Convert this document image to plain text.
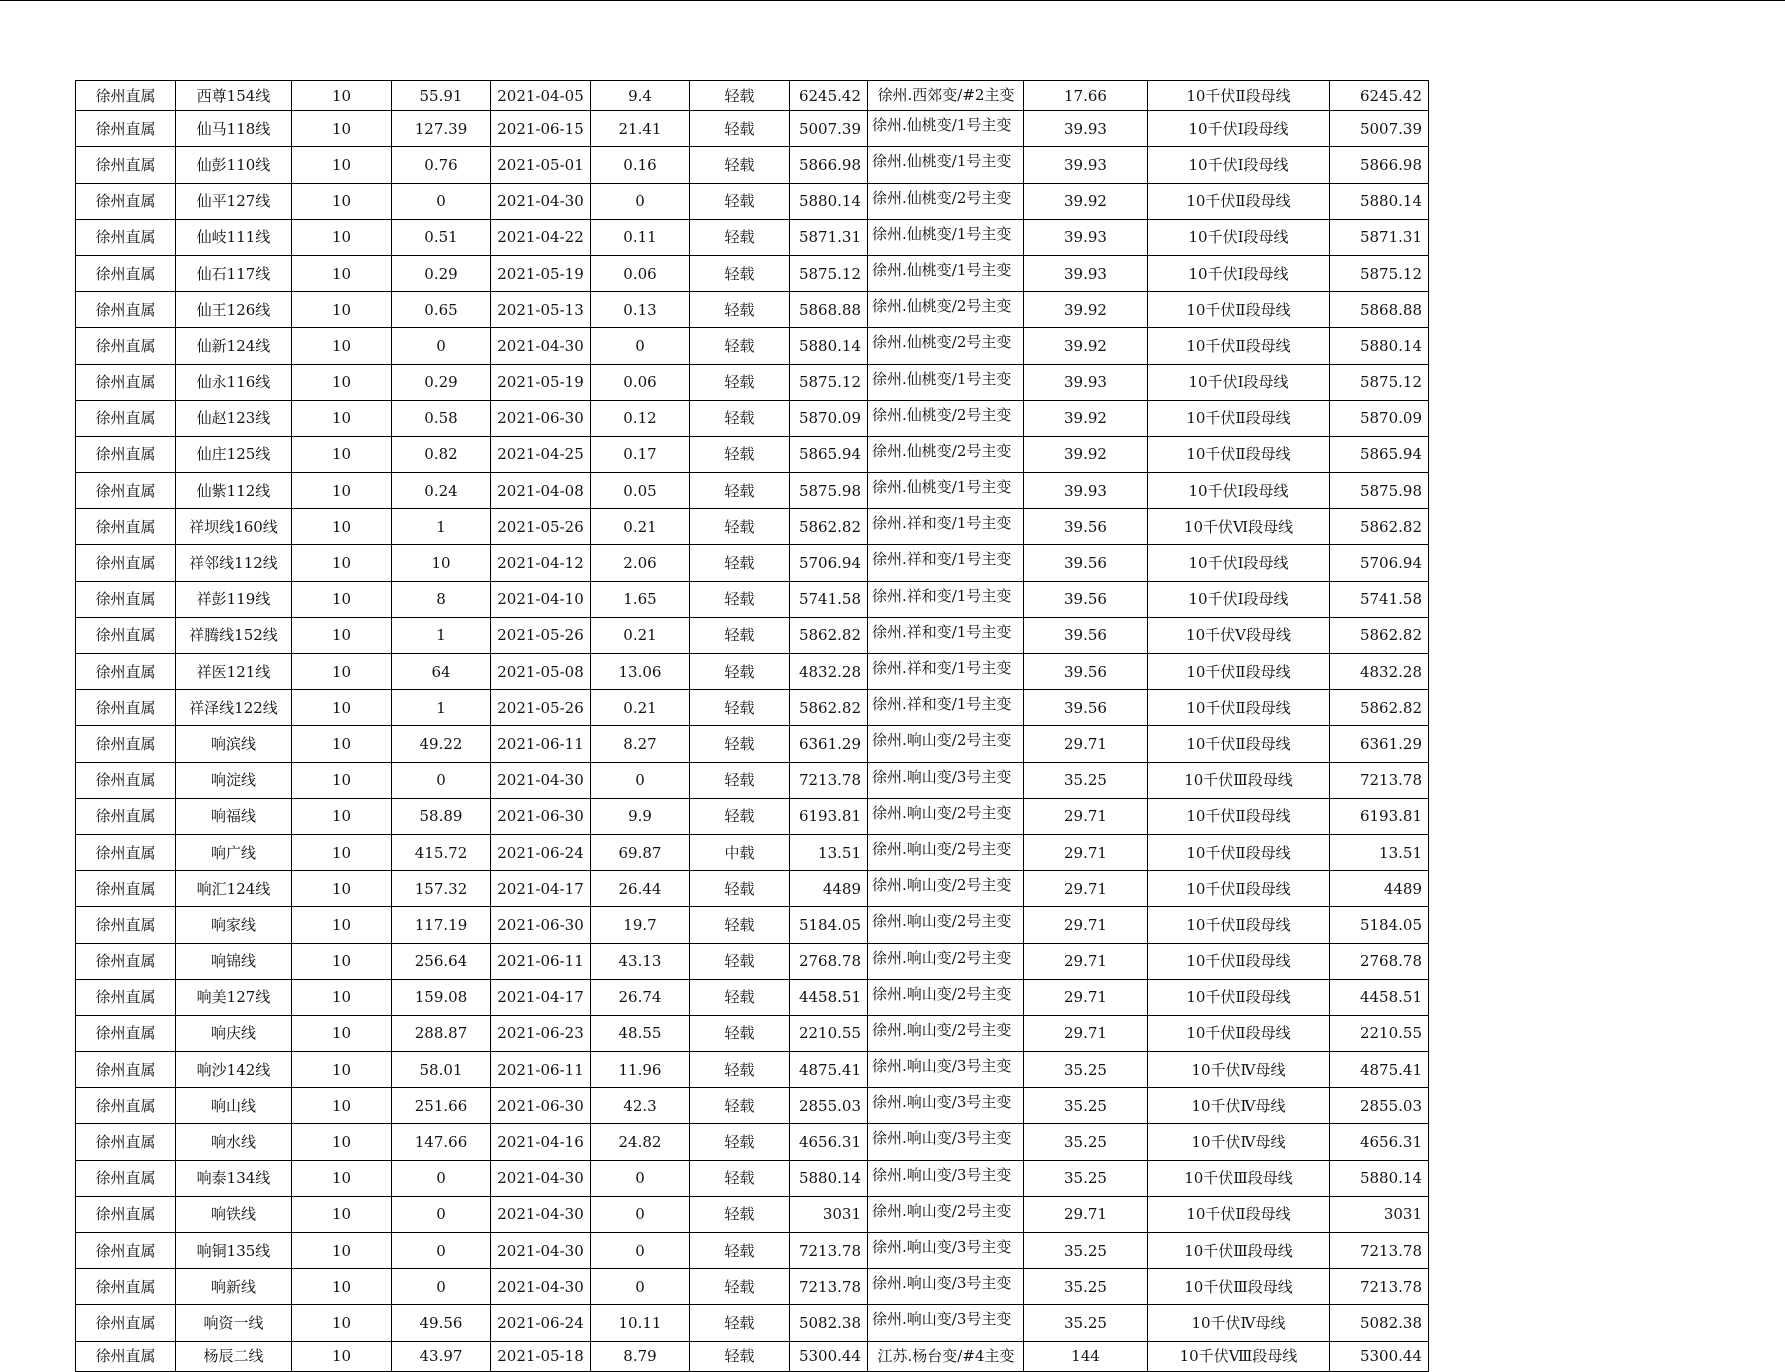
徐州直属	西尊154线	10	55.91	2021-04-05	9.4	轻载	6245.42	徐州.西郊变/#2主变	17.66	10千伏Ⅱ段母线	6245.42
徐州直属	仙马118线	10	127.39	2021-06-15	21.41	轻载	5007.39	徐州.仙桃变/1号主变	39.93	10千伏Ⅰ段母线	5007.39
徐州直属	仙彭110线	10	0.76	2021-05-01	0.16	轻载	5866.98	徐州.仙桃变/1号主变	39.93	10千伏Ⅰ段母线	5866.98
徐州直属	仙平127线	10	0	2021-04-30	0	轻载	5880.14	徐州.仙桃变/2号主变	39.92	10千伏Ⅱ段母线	5880.14
徐州直属	仙岐111线	10	0.51	2021-04-22	0.11	轻载	5871.31	徐州.仙桃变/1号主变	39.93	10千伏Ⅰ段母线	5871.31
徐州直属	仙石117线	10	0.29	2021-05-19	0.06	轻载	5875.12	徐州.仙桃变/1号主变	39.93	10千伏Ⅰ段母线	5875.12
徐州直属	仙王126线	10	0.65	2021-05-13	0.13	轻载	5868.88	徐州.仙桃变/2号主变	39.92	10千伏Ⅱ段母线	5868.88
徐州直属	仙新124线	10	0	2021-04-30	0	轻载	5880.14	徐州.仙桃变/2号主变	39.92	10千伏Ⅱ段母线	5880.14
徐州直属	仙永116线	10	0.29	2021-05-19	0.06	轻载	5875.12	徐州.仙桃变/1号主变	39.93	10千伏Ⅰ段母线	5875.12
徐州直属	仙赵123线	10	0.58	2021-06-30	0.12	轻载	5870.09	徐州.仙桃变/2号主变	39.92	10千伏Ⅱ段母线	5870.09
徐州直属	仙庄125线	10	0.82	2021-04-25	0.17	轻载	5865.94	徐州.仙桃变/2号主变	39.92	10千伏Ⅱ段母线	5865.94
徐州直属	仙紫112线	10	0.24	2021-04-08	0.05	轻载	5875.98	徐州.仙桃变/1号主变	39.93	10千伏Ⅰ段母线	5875.98
徐州直属	祥坝线160线	10	1	2021-05-26	0.21	轻载	5862.82	徐州.祥和变/1号主变	39.56	10千伏Ⅵ段母线	5862.82
徐州直属	祥邻线112线	10	10	2021-04-12	2.06	轻载	5706.94	徐州.祥和变/1号主变	39.56	10千伏Ⅰ段母线	5706.94
徐州直属	祥彭119线	10	8	2021-04-10	1.65	轻载	5741.58	徐州.祥和变/1号主变	39.56	10千伏Ⅰ段母线	5741.58
徐州直属	祥腾线152线	10	1	2021-05-26	0.21	轻载	5862.82	徐州.祥和变/1号主变	39.56	10千伏Ⅴ段母线	5862.82
徐州直属	祥医121线	10	64	2021-05-08	13.06	轻载	4832.28	徐州.祥和变/1号主变	39.56	10千伏Ⅱ段母线	4832.28
徐州直属	祥泽线122线	10	1	2021-05-26	0.21	轻载	5862.82	徐州.祥和变/1号主变	39.56	10千伏Ⅱ段母线	5862.82
徐州直属	响滨线	10	49.22	2021-06-11	8.27	轻载	6361.29	徐州.响山变/2号主变	29.71	10千伏Ⅱ段母线	6361.29
徐州直属	响淀线	10	0	2021-04-30	0	轻载	7213.78	徐州.响山变/3号主变	35.25	10千伏Ⅲ段母线	7213.78
徐州直属	响福线	10	58.89	2021-06-30	9.9	轻载	6193.81	徐州.响山变/2号主变	29.71	10千伏Ⅱ段母线	6193.81
徐州直属	响广线	10	415.72	2021-06-24	69.87	中载	13.51	徐州.响山变/2号主变	29.71	10千伏Ⅱ段母线	13.51
徐州直属	响汇124线	10	157.32	2021-04-17	26.44	轻载	4489	徐州.响山变/2号主变	29.71	10千伏Ⅱ段母线	4489
徐州直属	响家线	10	117.19	2021-06-30	19.7	轻载	5184.05	徐州.响山变/2号主变	29.71	10千伏Ⅱ段母线	5184.05
徐州直属	响锦线	10	256.64	2021-06-11	43.13	轻载	2768.78	徐州.响山变/2号主变	29.71	10千伏Ⅱ段母线	2768.78
徐州直属	响美127线	10	159.08	2021-04-17	26.74	轻载	4458.51	徐州.响山变/2号主变	29.71	10千伏Ⅱ段母线	4458.51
徐州直属	响庆线	10	288.87	2021-06-23	48.55	轻载	2210.55	徐州.响山变/2号主变	29.71	10千伏Ⅱ段母线	2210.55
徐州直属	响沙142线	10	58.01	2021-06-11	11.96	轻载	4875.41	徐州.响山变/3号主变	35.25	10千伏Ⅳ母线	4875.41
徐州直属	响山线	10	251.66	2021-06-30	42.3	轻载	2855.03	徐州.响山变/3号主变	35.25	10千伏Ⅳ母线	2855.03
徐州直属	响水线	10	147.66	2021-04-16	24.82	轻载	4656.31	徐州.响山变/3号主变	35.25	10千伏Ⅳ母线	4656.31
徐州直属	响泰134线	10	0	2021-04-30	0	轻载	5880.14	徐州.响山变/3号主变	35.25	10千伏Ⅲ段母线	5880.14
徐州直属	响铁线	10	0	2021-04-30	0	轻载	3031	徐州.响山变/2号主变	29.71	10千伏Ⅱ段母线	3031
徐州直属	响铜135线	10	0	2021-04-30	0	轻载	7213.78	徐州.响山变/3号主变	35.25	10千伏Ⅲ段母线	7213.78
徐州直属	响新线	10	0	2021-04-30	0	轻载	7213.78	徐州.响山变/3号主变	35.25	10千伏Ⅲ段母线	7213.78
徐州直属	响资一线	10	49.56	2021-06-24	10.11	轻载	5082.38	徐州.响山变/3号主变	35.25	10千伏Ⅳ母线	5082.38
徐州直属	杨辰二线	10	43.97	2021-05-18	8.79	轻载	5300.44	江苏.杨台变/#4主变	144	10千伏Ⅷ段母线	5300.44
